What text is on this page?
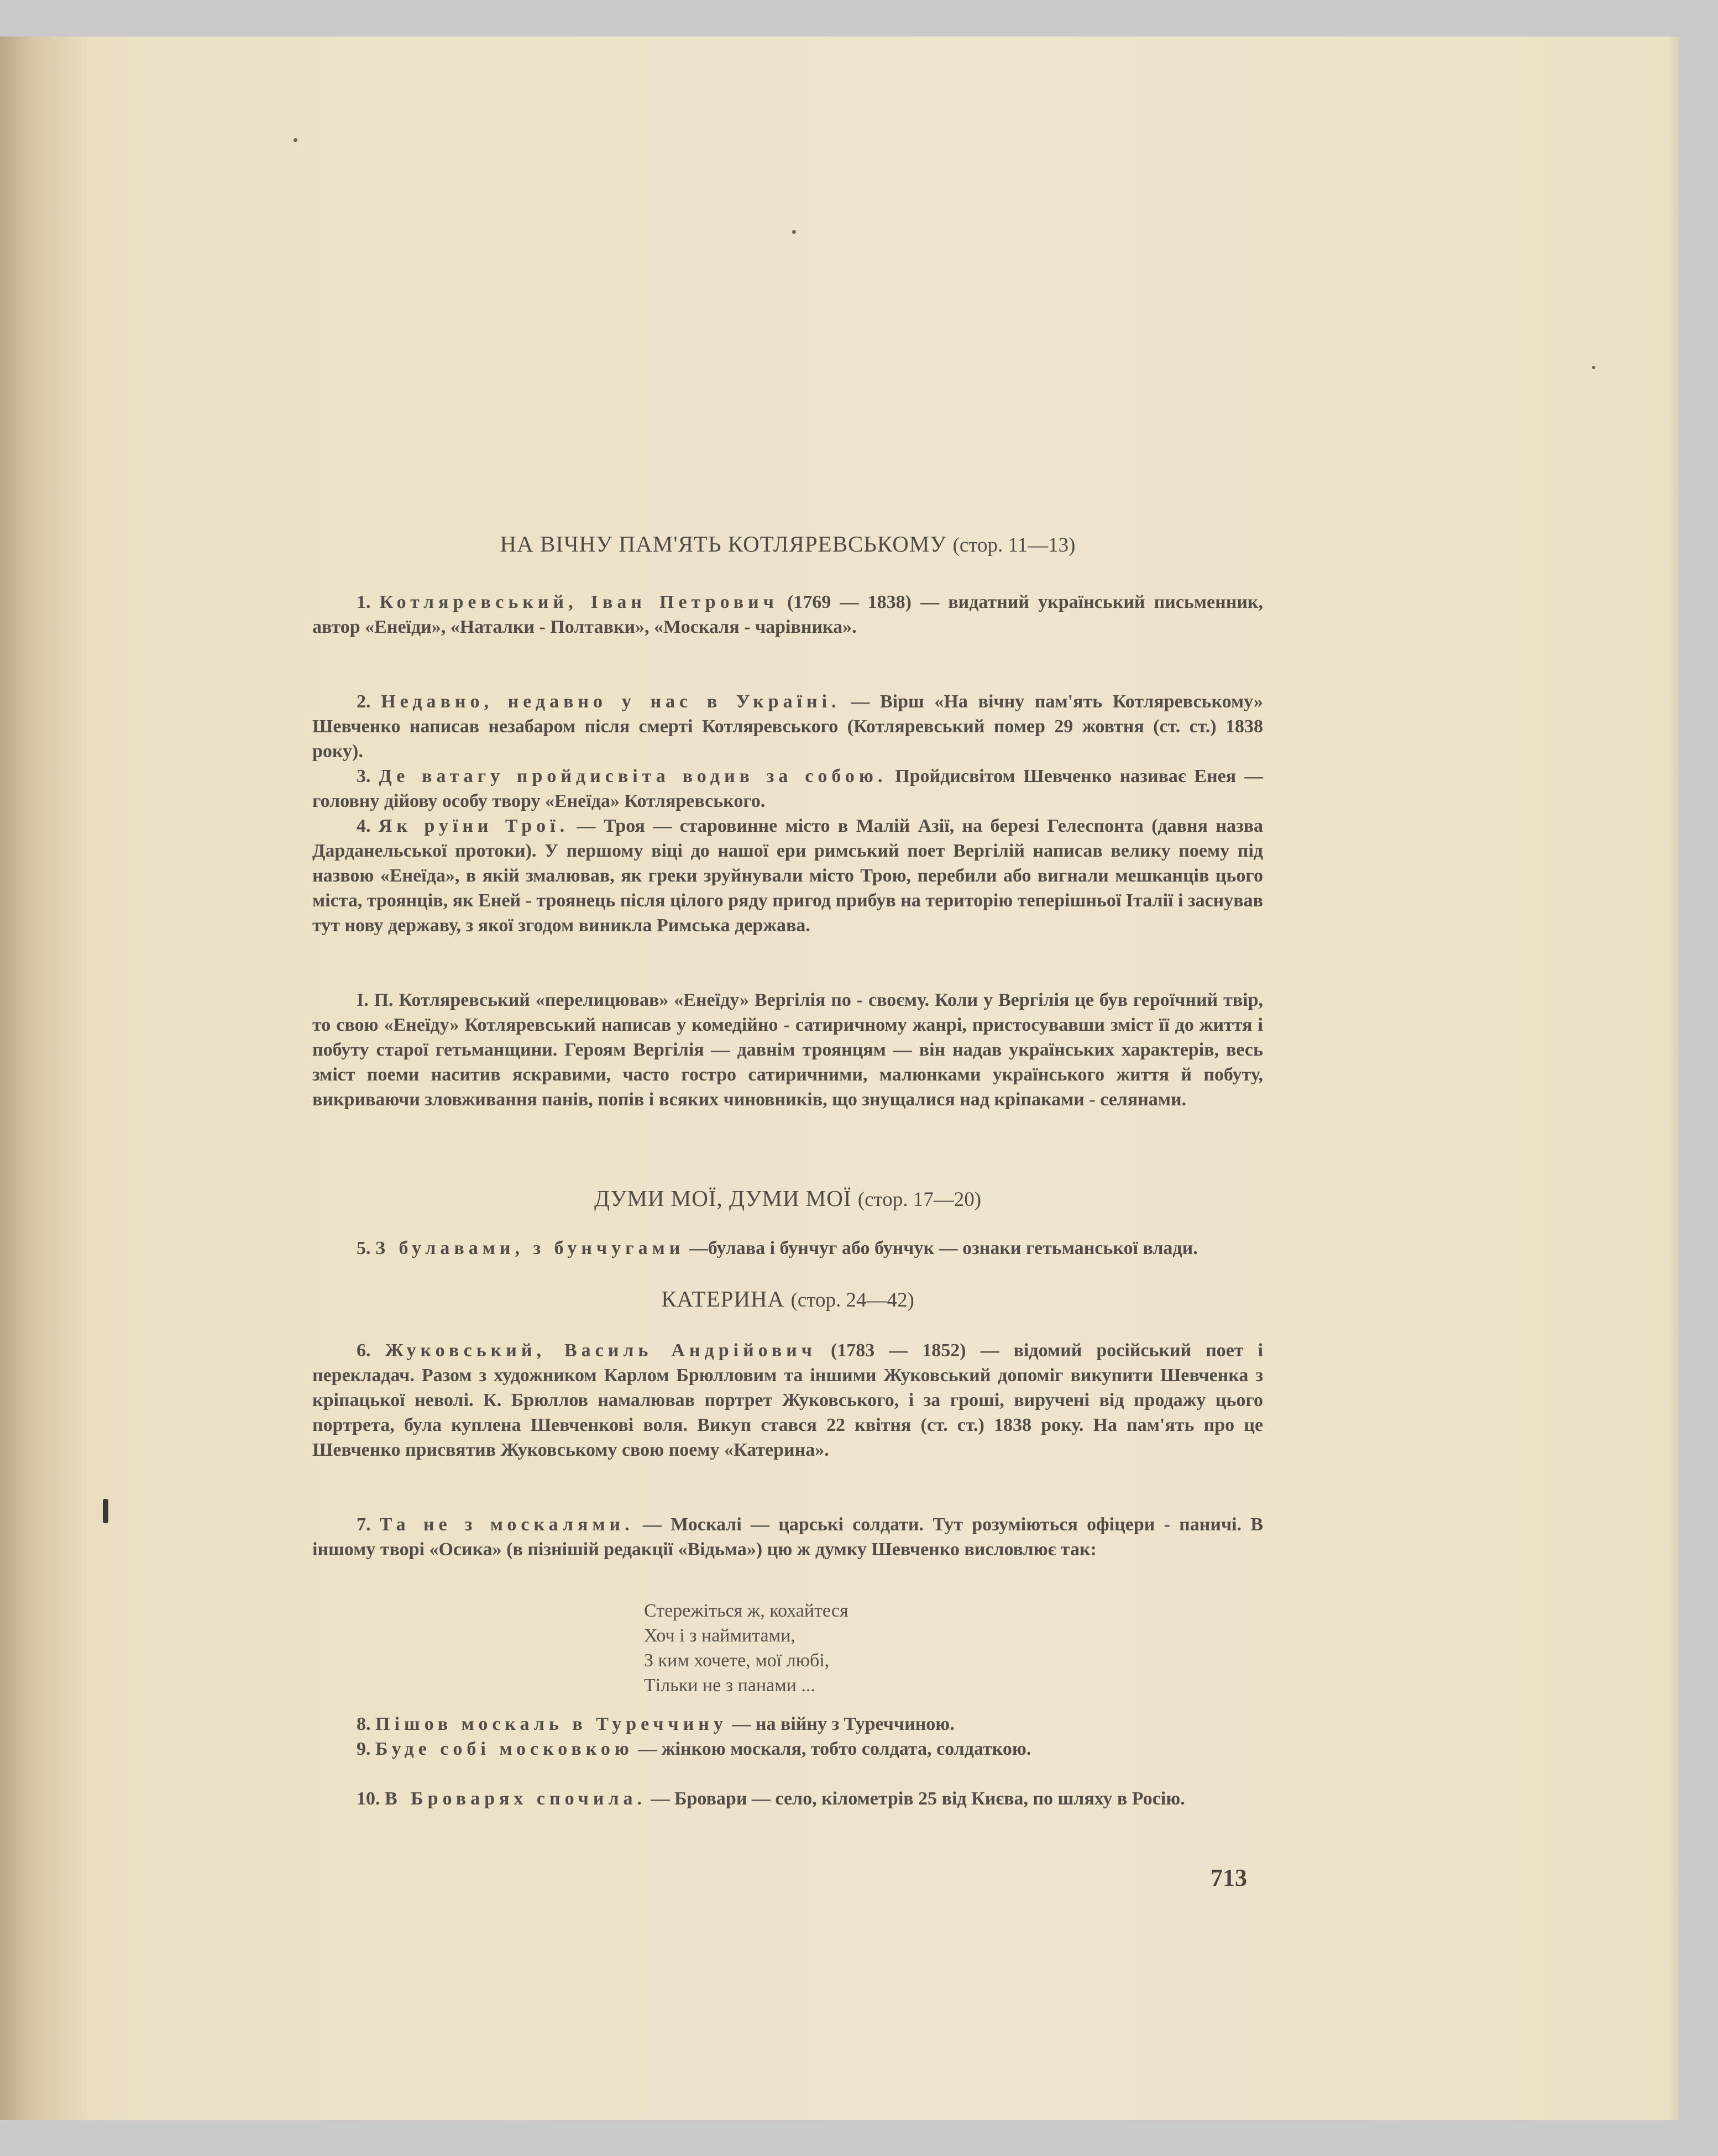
НА ВІЧНУ ПАМ'ЯТЬ КОТЛЯРЕВСЬКОМУ (стор. 11—13)
1. Котляревський, Іван Петрович (1769 — 1838) — видатний український письменник, автор «Енеїди», «Наталки - Полтавки», «Москаля - чарівника».
2. Недавно, недавно у нас в Україні. — Вірш «На вічну пам'ять Котляревському» Шевченко написав незабаром після смерті Котляревського (Котляревський помер 29 жовтня (ст. ст.) 1838 року).
3. Де ватагу пройдисвіта водив за собою. Пройдисвітом Шевченко називає Енея — головну дійову особу твору «Енеїда» Котляревського.
4. Як руїни Трої. — Троя — старовинне місто в Малій Азії, на березі Гелеспонта (давня назва Дарданельської протоки). У першому віці до нашої ери римський поет Вергілій написав велику поему під назвою «Енеїда», в якій змалював, як греки зруйнували місто Трою, перебили або вигнали мешканців цього міста, троянців, як Еней - троянець після цілого ряду пригод прибув на територію теперішньої Італії і заснував тут нову державу, з якої згодом виникла Римська держава.
І. П. Котляревський «перелицював» «Енеїду» Вергілія по - своєму. Коли у Вергілія це був героїчний твір, то свою «Енеїду» Котляревський написав у комедійно - сатиричному жанрі, пристосувавши зміст її до життя і побуту старої гетьманщини. Героям Вергілія — давнім троянцям — він надав українських характерів, весь зміст поеми наситив яскравими, часто гостро сатиричними, малюнками українського життя й побуту, викриваючи зловживання панів, попів і всяких чиновників, що знущалися над кріпаками - селянами.
ДУМИ МОЇ, ДУМИ МОЇ (стор. 17—20)
5. З булавами, з бунчугами —булава і бунчуг або бунчук — ознаки гетьманської влади.
КАТЕРИНА (стор. 24—42)
6. Жуковський, Василь Андрійович (1783 — 1852) — відомий російський поет і перекладач. Разом з художником Карлом Брюлловим та іншими Жуковський допоміг викупити Шевченка з кріпацької неволі. К. Брюллов намалював портрет Жуковського, і за гроші, виручені від продажу цього портрета, була куплена Шевченкові воля. Викуп стався 22 квітня (ст. ст.) 1838 року. На пам'ять про це Шевченко присвятив Жуковському свою поему «Катерина».
7. Та не з москалями. — Москалі — царські солдати. Тут розуміються офіцери - паничі. В іншому творі «Осика» (в пізнішій редакції «Відьма») цю ж думку Шевченко висловлює так:
Стережіться ж, кохайтеся
Хоч і з наймитами,
З ким хочете, мої любі,
Тільки не з панами ...
8. Пішов москаль в Туреччину — на війну з Туреччиною.
9. Буде собі московкою — жінкою москаля, тобто солдата, солдаткою.
10. В Броварях спочила. — Бровари — село, кілометрів 25 від Києва, по шляху в Росію.
713
